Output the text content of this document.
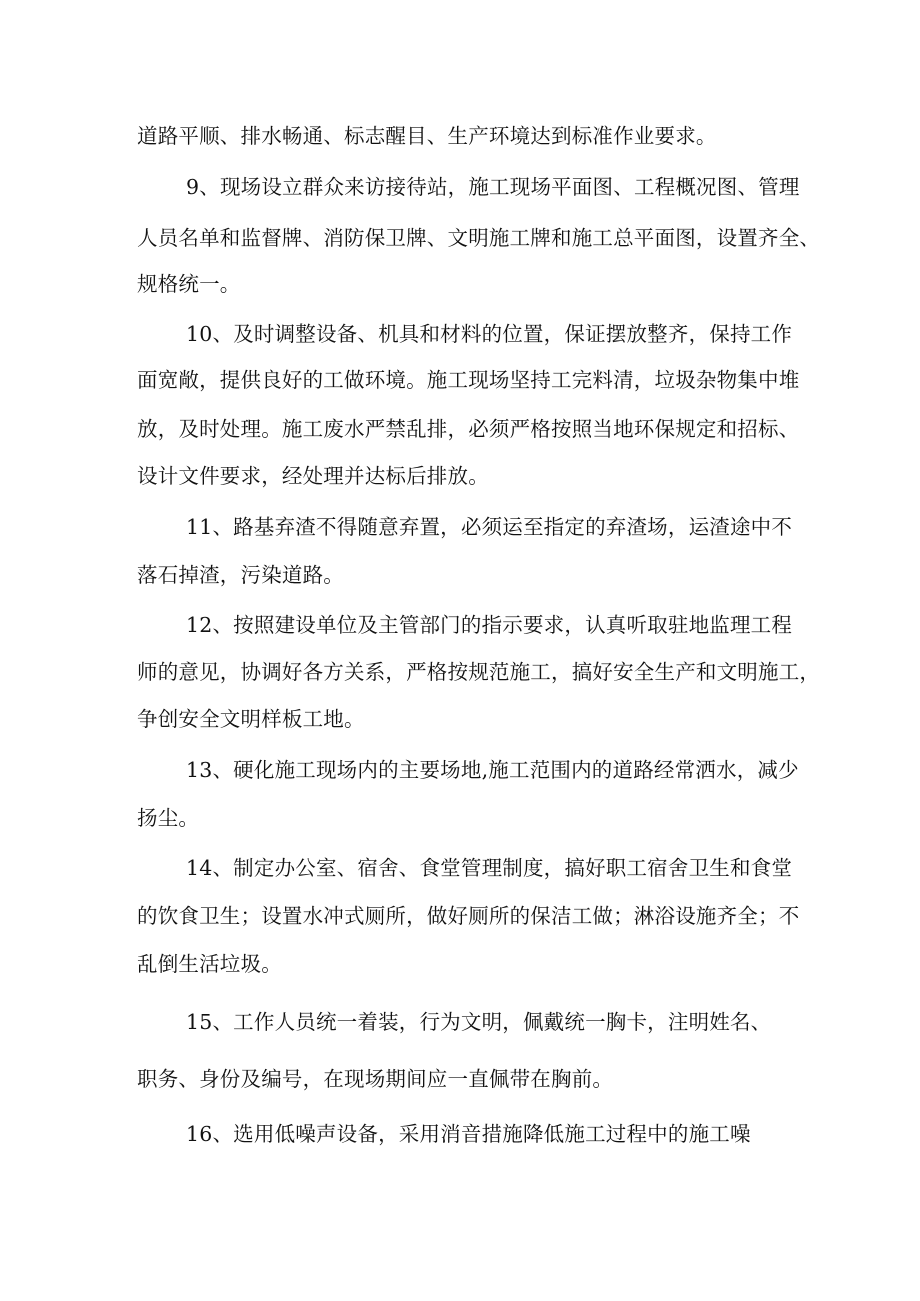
道路平顺、排水畅通、标志醒目、生产环境达到标准作业要求。
9、现场设立群众来访接待站，施工现场平面图、工程概况图、管理
人员名单和监督牌、消防保卫牌、文明施工牌和施工总平面图，设置齐全、
规格统一。
10、及时调整设备、机具和材料的位置，保证摆放整齐，保持工作
面宽敞，提供良好的工做环境。施工现场坚持工完料清，垃圾杂物集中堆
放，及时处理。施工废水严禁乱排，必须严格按照当地环保规定和招标、
设计文件要求，经处理并达标后排放。
11、路基弃渣不得随意弃置，必须运至指定的弃渣场，运渣途中不
落石掉渣，污染道路。
12、按照建设单位及主管部门的指示要求，认真听取驻地监理工程
师的意见，协调好各方关系，严格按规范施工，搞好安全生产和文明施工，
争创安全文明样板工地。
13、硬化施工现场内的主要场地,施工范围内的道路经常洒水，减少
扬尘。
14、制定办公室、宿舍、食堂管理制度，搞好职工宿舍卫生和食堂
的饮食卫生；设置水冲式厕所，做好厕所的保洁工做；淋浴设施齐全；不
乱倒生活垃圾。
15、工作人员统一着装，行为文明，佩戴统一胸卡，注明姓名、
职务、身份及编号，在现场期间应一直佩带在胸前。
16、选用低噪声设备，采用消音措施降低施工过程中的施工噪
